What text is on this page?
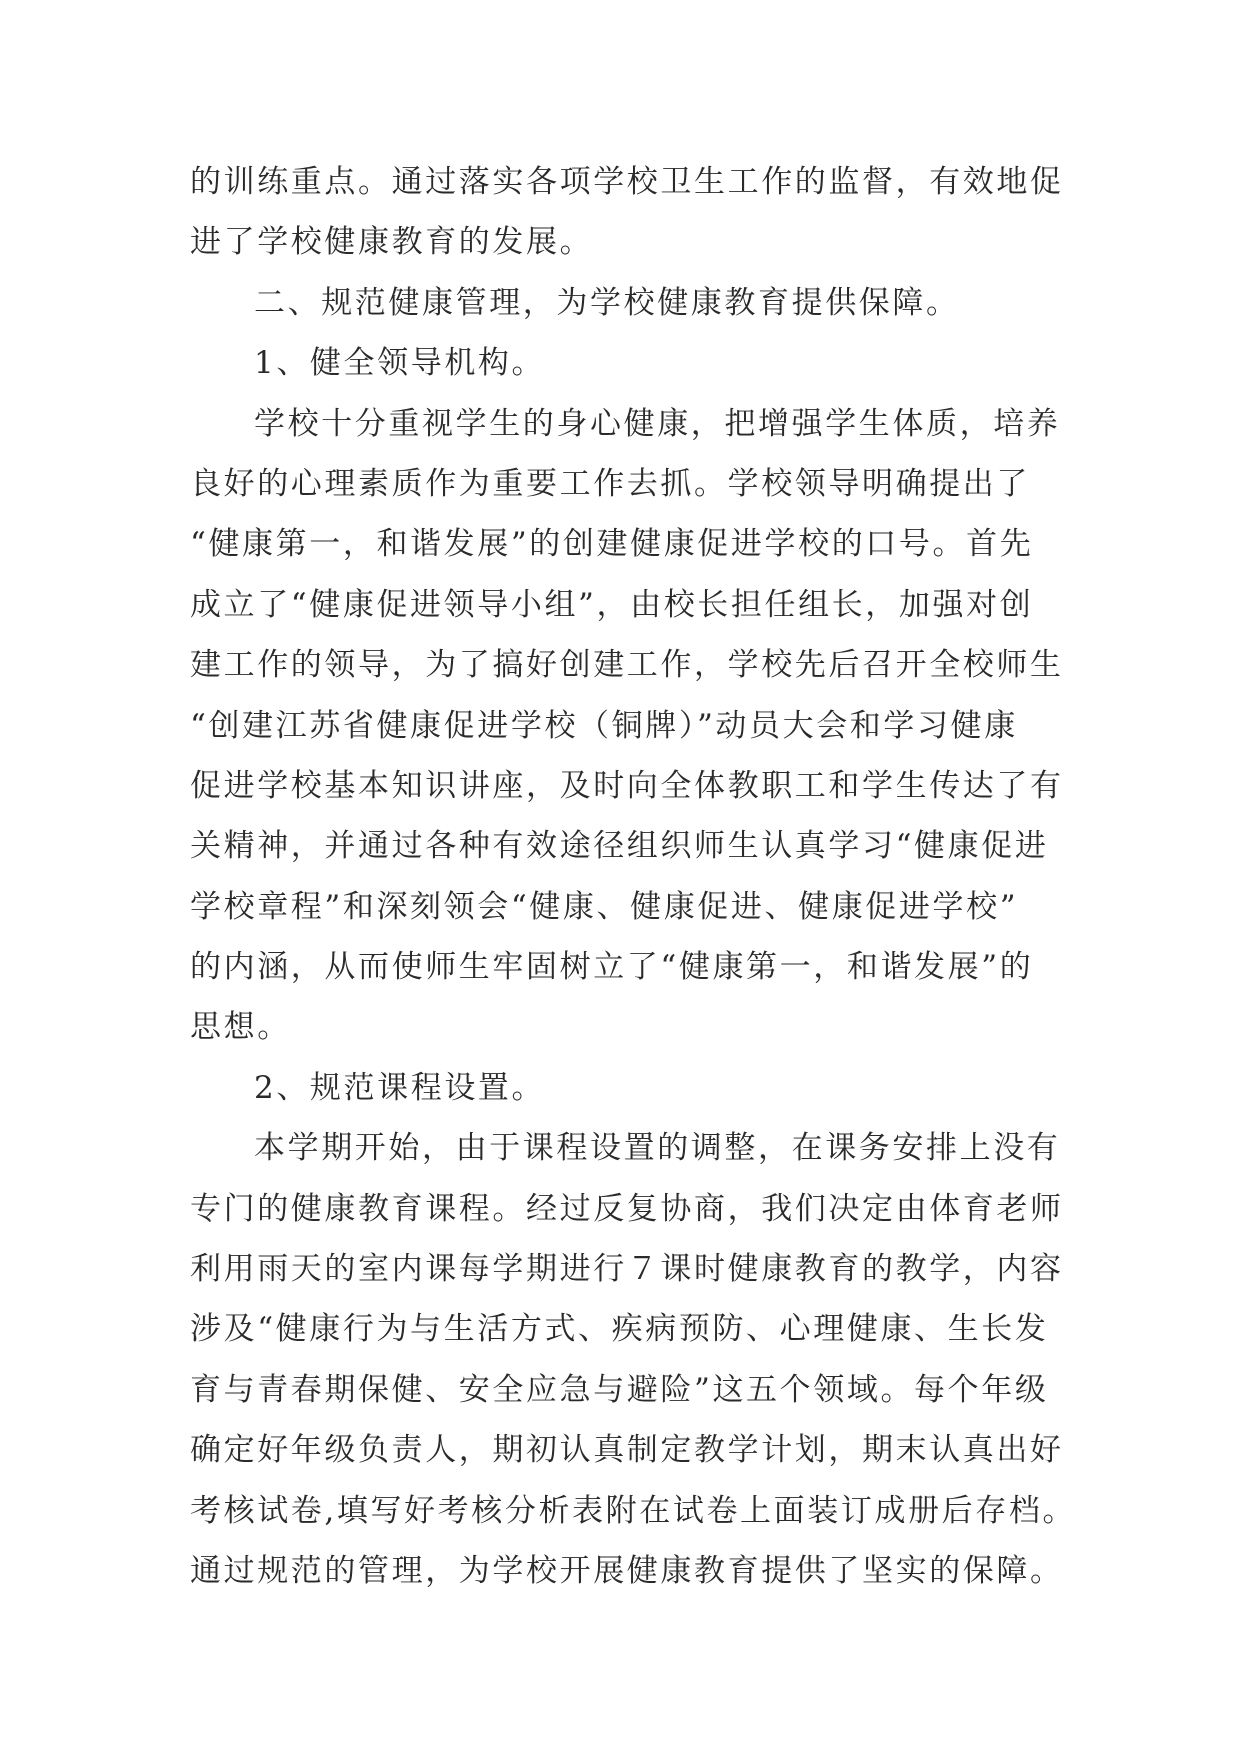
的训练重点。通过落实各项学校卫生工作的监督，有效地促
进了学校健康教育的发展。
二、规范健康管理，为学校健康教育提供保障。
1、健全领导机构。
学校十分重视学生的身心健康，把增强学生体质，培养
良好的心理素质作为重要工作去抓。学校领导明确提出了
“健康第一，和谐发展”的创建健康促进学校的口号。首先
成立了“健康促进领导小组”，由校长担任组长，加强对创
建工作的领导，为了搞好创建工作，学校先后召开全校师生
“创建江苏省健康促进学校（铜牌）”动员大会和学习健康
促进学校基本知识讲座，及时向全体教职工和学生传达了有
关精神，并通过各种有效途径组织师生认真学习“健康促进
学校章程”和深刻领会“健康、健康促进、健康促进学校”
的内涵，从而使师生牢固树立了“健康第一，和谐发展”的
思想。
2、规范课程设置。
本学期开始，由于课程设置的调整，在课务安排上没有
专门的健康教育课程。经过反复协商，我们决定由体育老师
利用雨天的室内课每学期进行７课时健康教育的教学，内容
涉及“健康行为与生活方式、疾病预防、心理健康、生长发
育与青春期保健、安全应急与避险”这五个领域。每个年级
确定好年级负责人，期初认真制定教学计划，期末认真出好
考核试卷,填写好考核分析表附在试卷上面装订成册后存档。
通过规范的管理，为学校开展健康教育提供了坚实的保障。
